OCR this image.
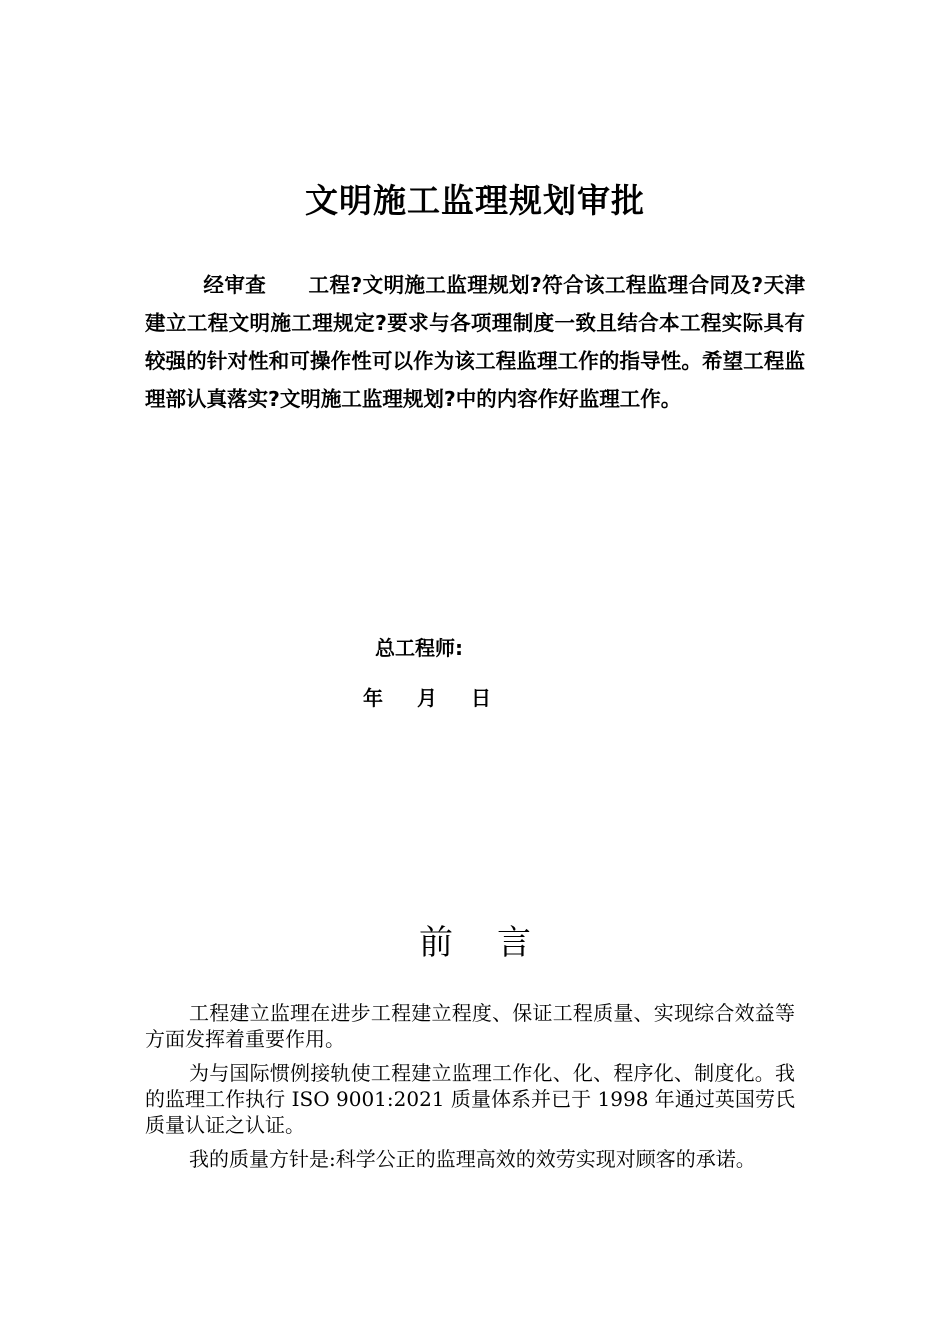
文明施工监理规划审批

经审查 工程?文明施工监理规划?符合该工程监理合同及?天津建立工程文明施工理规定?要求与各项理制度一致且结合本工程实际具有较强的针对性和可操作性可以作为该工程监理工作的指导性。希望工程监理部认真落实?文明施工监理规划?中的内容作好监理工作。

总工程师:
年 月 日
前 言

工程建立监理在进步工程建立程度、保证工程质量、实现综合效益等方面发挥着重要作用。

为与国际惯例接轨使工程建立监理工作化、化、程序化、制度化。我的监理工作执行 ISO 9001:2021 质量体系并已于 1998 年通过英国劳氏质量认证之认证。

我的质量方针是:科学公正的监理高效的效劳实现对顾客的承诺。
